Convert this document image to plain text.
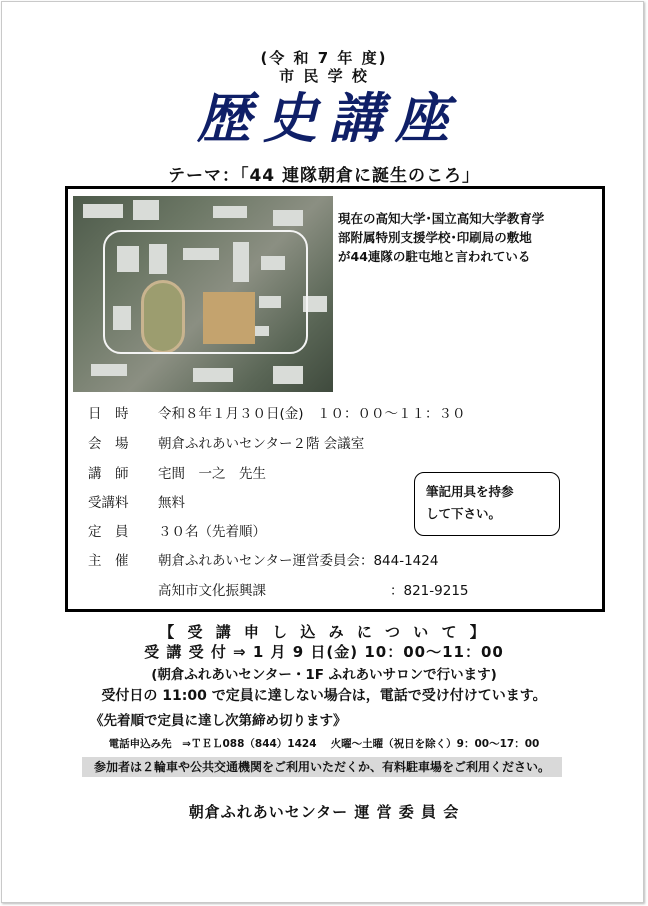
(令 和 7 年 度)
市 民 学 校
歴史講座
テーマ：「44 連隊朝倉に誕生のころ」
現在の高知大学･国立高知大学教育学
部附属特別支援学校･印刷局の敷地
が44連隊の駐屯地と言われている
日　時 令和８年１月３０日(金)　１０：００～１１：３０
会　場 朝倉ふれあいセンター２階 会議室
講　師 宅間　一之　先生
受講料 無料
定　員 ３０名（先着順）
主　催 朝倉ふれあいセンター運営委員会：844-1424
高知市文化振興課	：821-9215
筆記用具を持参
して下さい。
【 受 講 申 し 込 み に つ い て 】
受 講 受 付 ⇒ 1 月 9 日(金) 10：00～11：00
(朝倉ふれあいセンター・1F ふれあいサロンで行います)
受付日の 11:00 で定員に達しない場合は，電話で受け付けています。
《先着順で定員に達し次第締め切ります》
電話申込み先　⇒ＴＥＬ088（844）1424　 火曜～土曜（祝日を除く）9：00～17：00
参加者は２輪車や公共交通機関をご利用いただくか、有料駐車場をご利用ください。
朝倉ふれあいセンター 運 営 委 員 会
